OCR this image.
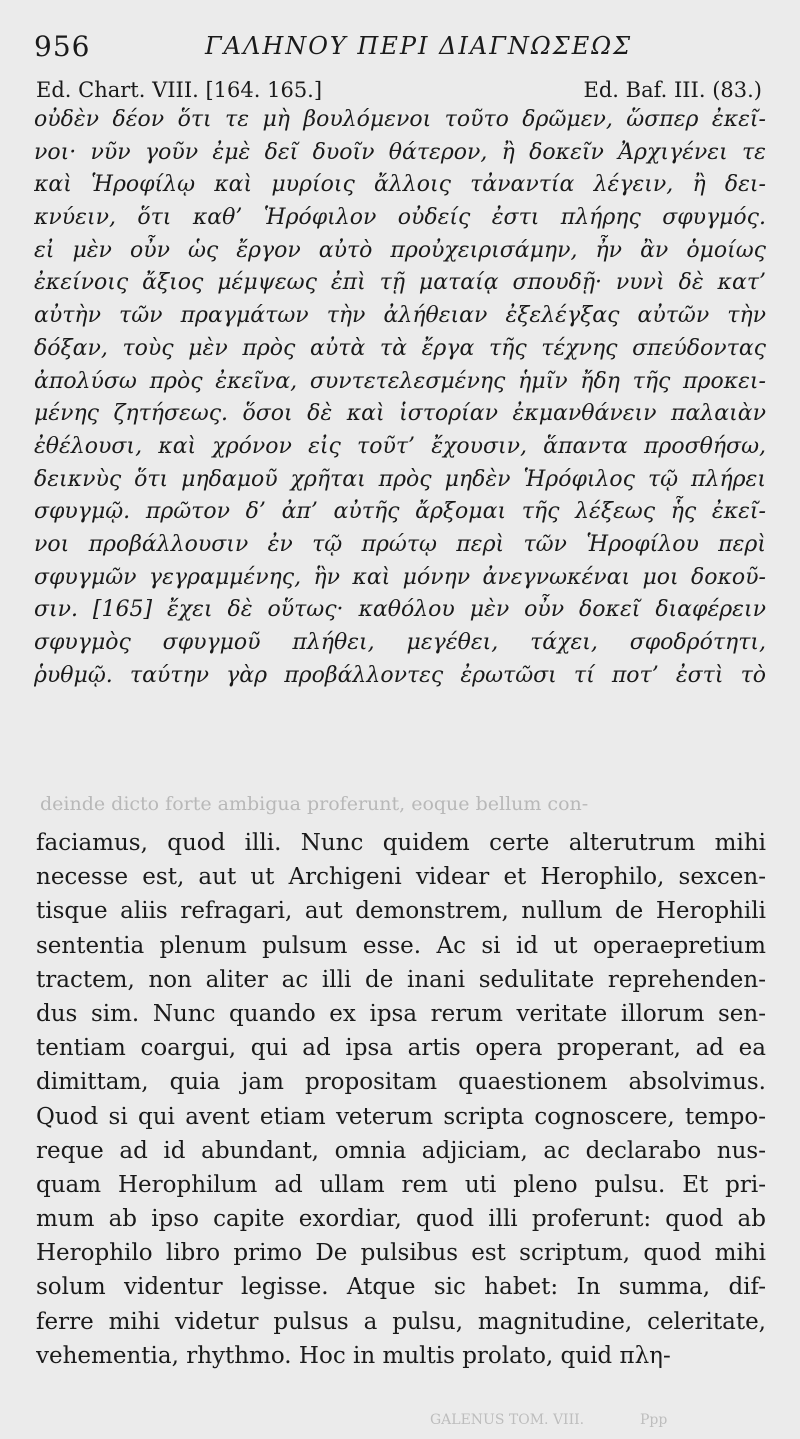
956	ΓΑΛΗΝΟΥ ΠΕΡΙ ΔΙΑΓΝΩΣΕΩΣ
Ed. Chart. VIII. [164. 165.]	Ed. Baf. III. (83.)
οὐδὲν δέον ὅτι τε μὴ βουλόμενοι τοῦτο δρῶμεν, ὥσπερ ἐκεῖ-
νοι· νῦν γοῦν ἐμὲ δεῖ δυοῖν θάτερον, ἢ δοκεῖν Ἀρχιγένει τε
καὶ Ἡροφίλῳ καὶ μυρίοις ἄλλοις τἀναντία λέγειν, ἢ δει-
κνύειν, ὅτι καθ’ Ἡρόφιλον οὐδείς ἐστι πλήρης σφυγμός.
εἰ μὲν οὖν ὡς ἔργον αὐτὸ προὐχειρισάμην, ἦν ἂν ὁμοίως
ἐκείνοις ἄξιος μέμψεως ἐπὶ τῇ ματαίᾳ σπουδῇ· νυνὶ δὲ κατ’
αὐτὴν τῶν πραγμάτων τὴν ἀλήθειαν ἐξελέγξας αὐτῶν τὴν
δόξαν, τοὺς μὲν πρὸς αὐτὰ τὰ ἔργα τῆς τέχνης σπεύδοντας
ἀπολύσω πρὸς ἐκεῖνα, συντετελεσμένης ἡμῖν ἤδη τῆς προκει-
μένης ζητήσεως. ὅσοι δὲ καὶ ἱστορίαν ἐκμανθάνειν παλαιὰν
ἐθέλουσι, καὶ χρόνον εἰς τοῦτ’ ἔχουσιν, ἅπαντα προσθήσω,
δεικνὺς ὅτι μηδαμοῦ χρῆται πρὸς μηδὲν Ἡρόφιλος τῷ πλήρει
σφυγμῷ. πρῶτον δ’ ἀπ’ αὐτῆς ἄρξομαι τῆς λέξεως ἧς ἐκεῖ-
νοι προβάλλουσιν ἐν τῷ πρώτῳ περὶ τῶν Ἡροφίλου περὶ
σφυγμῶν γεγραμμένης, ἣν καὶ μόνην ἀνεγνωκέναι μοι δοκοῦ-
σιν. [165] ἔχει δὲ οὕτως· καθόλου μὲν οὖν δοκεῖ διαφέρειν
σφυγμὸς σφυγμοῦ πλήθει, μεγέθει, τάχει, σφοδρότητι,
ῥυθμῷ. ταύτην γὰρ προβάλλοντες ἐρωτῶσι τί ποτ’ ἐστὶ τὸ
deinde dicto forte ambigua proferunt, eoque bellum con-
faciamus, quod illi. Nunc quidem certe alterutrum mihi
necesse est, aut ut Archigeni videar et Herophilo, sexcen-
tisque aliis refragari, aut demonstrem, nullum de Herophili
sententia plenum pulsum esse. Ac si id ut operaepretium
tractem, non aliter ac illi de inani sedulitate reprehenden-
dus sim. Nunc quando ex ipsa rerum veritate illorum sen-
tentiam coargui, qui ad ipsa artis opera properant, ad ea
dimittam, quia jam propositam quaestionem absolvimus.
Quod si qui avent etiam veterum scripta cognoscere, tempo-
reque ad id abundant, omnia adjiciam, ac declarabo nus-
quam Herophilum ad ullam rem uti pleno pulsu. Et pri-
mum ab ipso capite exordiar, quod illi proferunt: quod ab
Herophilo libro primo De pulsibus est scriptum, quod mihi
solum videntur legisse. Atque sic habet: In summa, dif-
ferre mihi videtur pulsus a pulsu, magnitudine, celeritate,
vehementia, rhythmo. Hoc in multis prolato, quid πλη-
GALENUS TOM. VIII.	Ppp
